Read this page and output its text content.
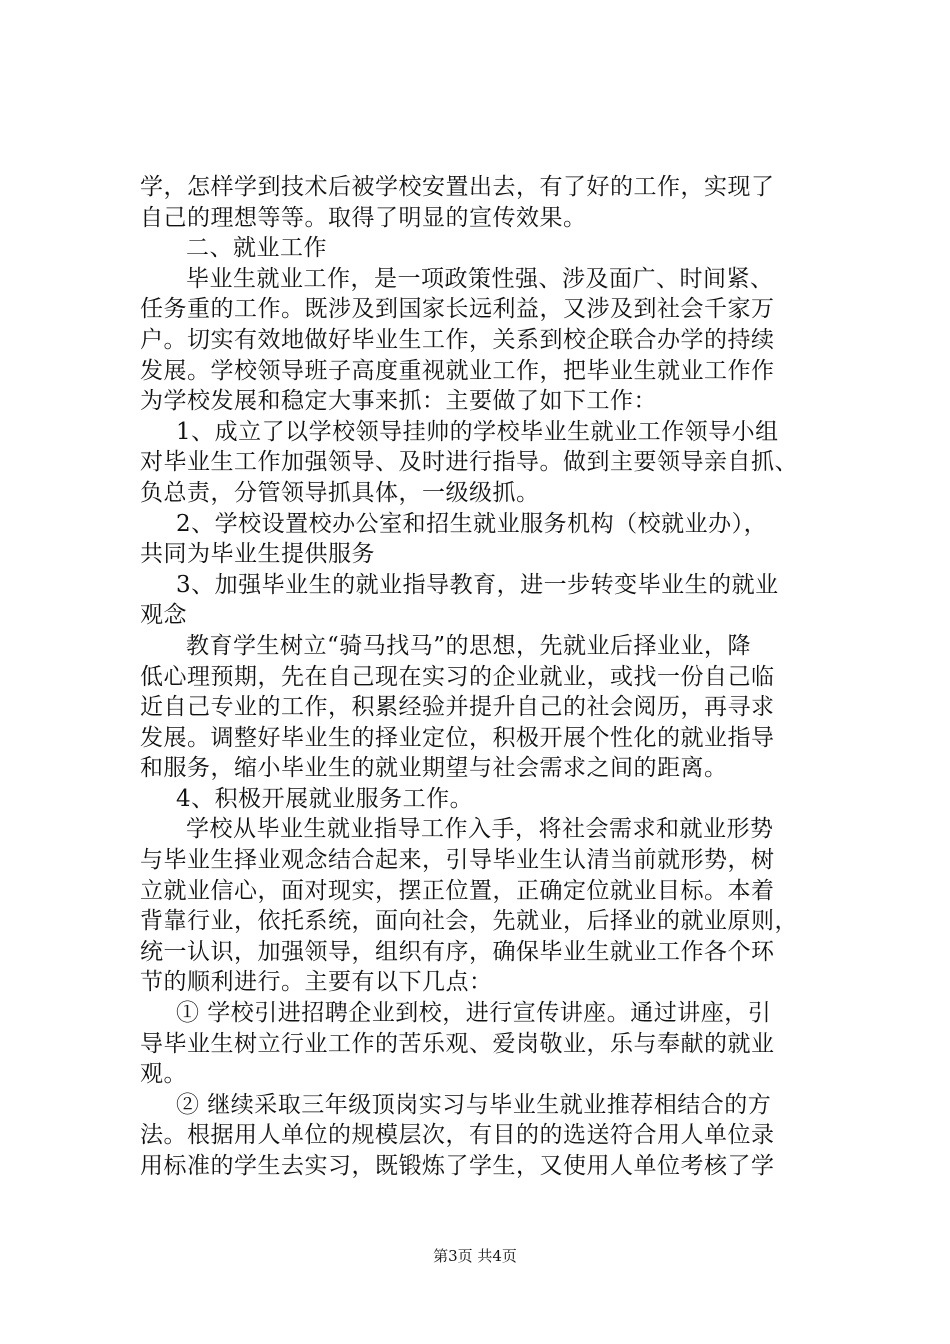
学，怎样学到技术后被学校安置出去，有了好的工作，实现了
自己的理想等等。取得了明显的宣传效果。
二、就业工作
毕业生就业工作，是一项政策性强、涉及面广、时间紧、
任务重的工作。既涉及到国家长远利益，又涉及到社会千家万
户。切实有效地做好毕业生工作，关系到校企联合办学的持续
发展。学校领导班子高度重视就业工作，把毕业生就业工作作
为学校发展和稳定大事来抓：主要做了如下工作：
1、成立了以学校领导挂帅的学校毕业生就业工作领导小组
对毕业生工作加强领导、及时进行指导。做到主要领导亲自抓、
负总责，分管领导抓具体，一级级抓。
2、学校设置校办公室和招生就业服务机构（校就业办），
共同为毕业生提供服务
3、加强毕业生的就业指导教育，进一步转变毕业生的就业
观念
教育学生树立“骑马找马”的思想，先就业后择业业，降
低心理预期，先在自己现在实习的企业就业，或找一份自己临
近自己专业的工作，积累经验并提升自己的社会阅历，再寻求
发展。调整好毕业生的择业定位，积极开展个性化的就业指导
和服务，缩小毕业生的就业期望与社会需求之间的距离。
4、积极开展就业服务工作。
学校从毕业生就业指导工作入手，将社会需求和就业形势
与毕业生择业观念结合起来，引导毕业生认清当前就形势，树
立就业信心，面对现实，摆正位置，正确定位就业目标。本着
背靠行业，依托系统，面向社会，先就业，后择业的就业原则，
统一认识，加强领导，组织有序，确保毕业生就业工作各个环
节的顺利进行。主要有以下几点：
① 学校引进招聘企业到校，进行宣传讲座。通过讲座，引
导毕业生树立行业工作的苦乐观、爱岗敬业，乐与奉献的就业
观。
② 继续采取三年级顶岗实习与毕业生就业推荐相结合的方
法。根据用人单位的规模层次，有目的的选送符合用人单位录
用标准的学生去实习，既锻炼了学生，又使用人单位考核了学
第3页 共4页
